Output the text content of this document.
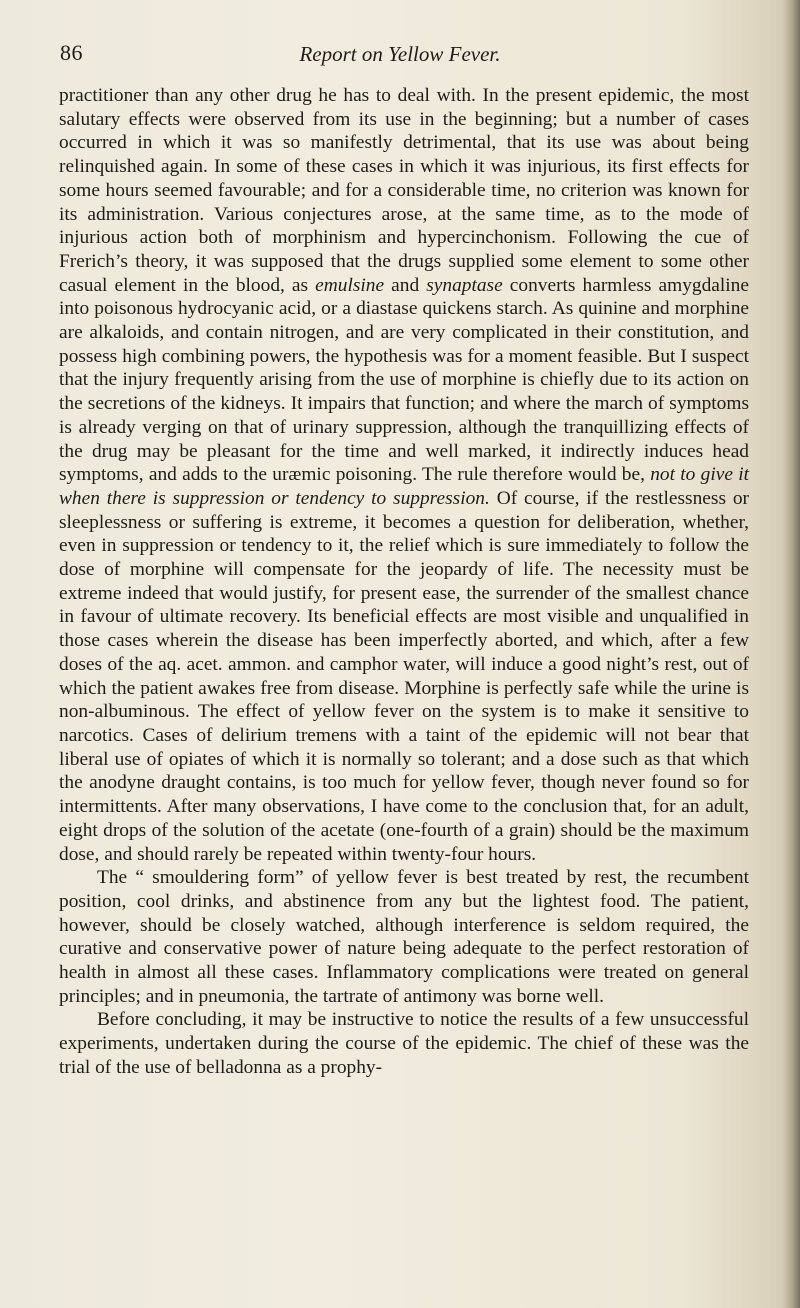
86	Report on Yellow Fever.

practitioner than any other drug he has to deal with. In the present epidemic, the most salutary effects were observed from its use in the beginning; but a number of cases occurred in which it was so manifestly detrimental, that its use was about being relinquished again. In some of these cases in which it was injurious, its first effects for some hours seemed favourable; and for a considerable time, no criterion was known for its administration. Various conjectures arose, at the same time, as to the mode of injurious action both of morphinism and hypercinchonism. Following the cue of Frerich’s theory, it was supposed that the drugs supplied some element to some other casual element in the blood, as emulsine and synaptase converts harmless amygdaline into poisonous hydrocyanic acid, or a diastase quickens starch. As quinine and morphine are alkaloids, and contain nitrogen, and are very complicated in their constitution, and possess high combining powers, the hypothesis was for a moment feasible. But I suspect that the injury frequently arising from the use of morphine is chiefly due to its action on the secretions of the kidneys. It impairs that function; and where the march of symptoms is already verging on that of urinary suppression, although the tranquillizing effects of the drug may be pleasant for the time and well marked, it indirectly induces head symptoms, and adds to the uræmic poisoning. The rule therefore would be, not to give it when there is suppression or tendency to suppression. Of course, if the restlessness or sleeplessness or suffering is extreme, it becomes a question for deliberation, whether, even in suppression or tendency to it, the relief which is sure immediately to follow the dose of morphine will compensate for the jeopardy of life. The necessity must be extreme indeed that would justify, for present ease, the surrender of the smallest chance in favour of ultimate recovery. Its beneficial effects are most visible and unqualified in those cases wherein the disease has been imperfectly aborted, and which, after a few doses of the aq. acet. ammon. and camphor water, will induce a good night’s rest, out of which the patient awakes free from disease. Morphine is perfectly safe while the urine is non-albuminous. The effect of yellow fever on the system is to make it sensitive to narcotics. Cases of delirium tremens with a taint of the epidemic will not bear that liberal use of opiates of which it is normally so tolerant; and a dose such as that which the anodyne draught contains, is too much for yellow fever, though never found so for intermittents. After many observations, I have come to the conclusion that, for an adult, eight drops of the solution of the acetate (one-fourth of a grain) should be the maximum dose, and should rarely be repeated within twenty-four hours.

The “ smouldering form” of yellow fever is best treated by rest, the recumbent position, cool drinks, and abstinence from any but the lightest food. The patient, however, should be closely watched, although interference is seldom required, the curative and conservative power of nature being adequate to the perfect restoration of health in almost all these cases. Inflammatory complications were treated on general principles; and in pneumonia, the tartrate of antimony was borne well.

Before concluding, it may be instructive to notice the results of a few unsuccessful experiments, undertaken during the course of the epidemic. The chief of these was the trial of the use of belladonna as a prophy-
